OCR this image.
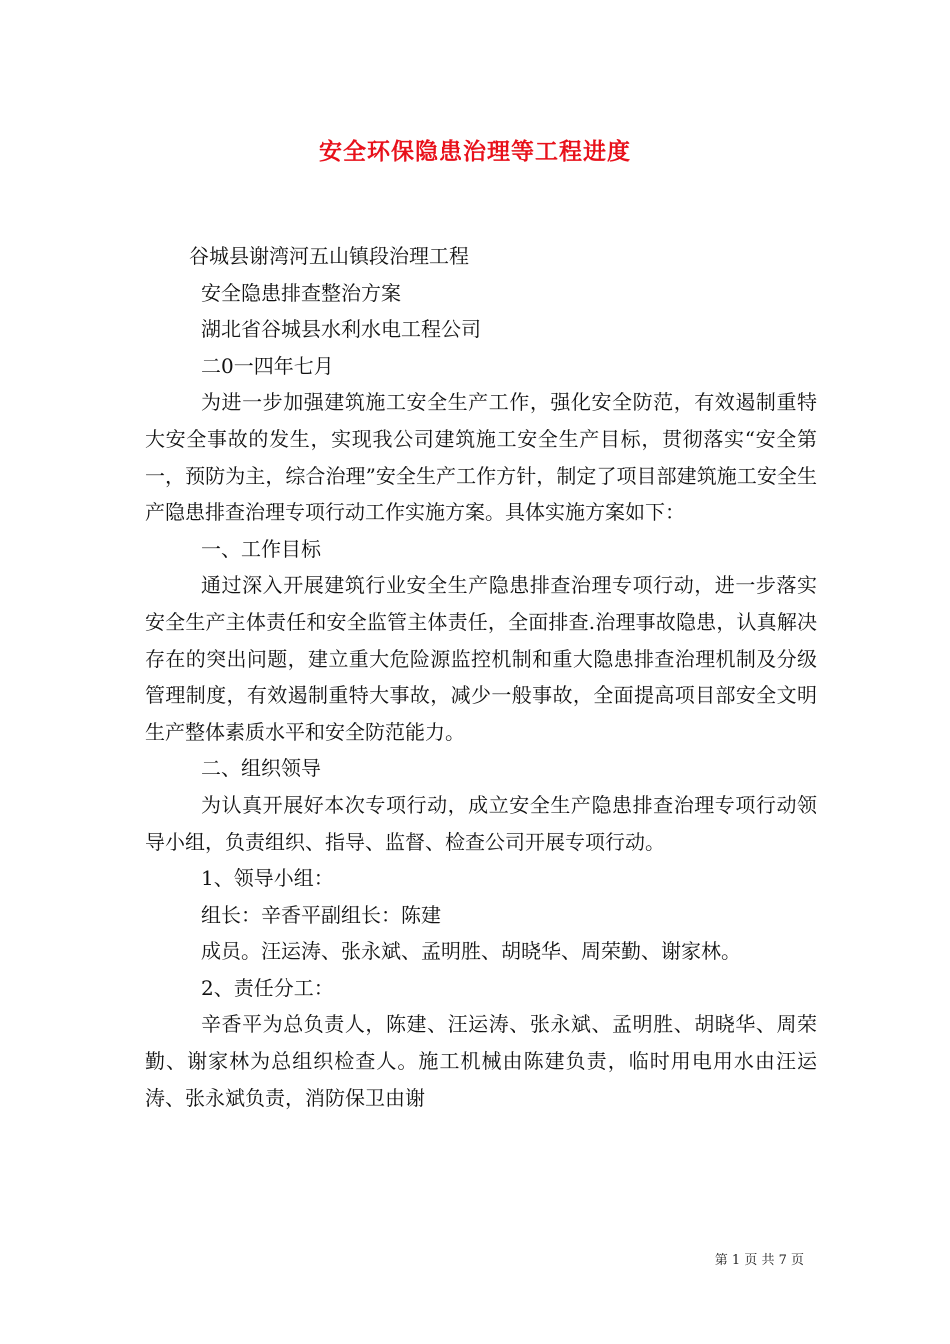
安全环保隐患治理等工程进度
谷城县谢湾河五山镇段治理工程
安全隐患排查整治方案
湖北省谷城县水利水电工程公司
二0一四年七月
为进一步加强建筑施工安全生产工作，强化安全防范，有效遏制重特大安全事故的发生，实现我公司建筑施工安全生产目标，贯彻落实“安全第一，预防为主，综合治理”安全生产工作方针，制定了项目部建筑施工安全生产隐患排查治理专项行动工作实施方案。具体实施方案如下：
一、工作目标
通过深入开展建筑行业安全生产隐患排查治理专项行动，进一步落实安全生产主体责任和安全监管主体责任，全面排查.治理事故隐患，认真解决存在的突出问题，建立重大危险源监控机制和重大隐患排查治理机制及分级管理制度，有效遏制重特大事故，减少一般事故，全面提高项目部安全文明生产整体素质水平和安全防范能力。
二、组织领导
为认真开展好本次专项行动，成立安全生产隐患排查治理专项行动领导小组，负责组织、指导、监督、检查公司开展专项行动。
1、领导小组：
组长：辛香平副组长：陈建
成员。汪运涛、张永斌、孟明胜、胡晓华、周荣勤、谢家林。
2、责任分工：
辛香平为总负责人，陈建、汪运涛、张永斌、孟明胜、胡晓华、周荣勤、谢家林为总组织检查人。施工机械由陈建负责，临时用电用水由汪运涛、张永斌负责，消防保卫由谢
第 1 页 共 7 页
